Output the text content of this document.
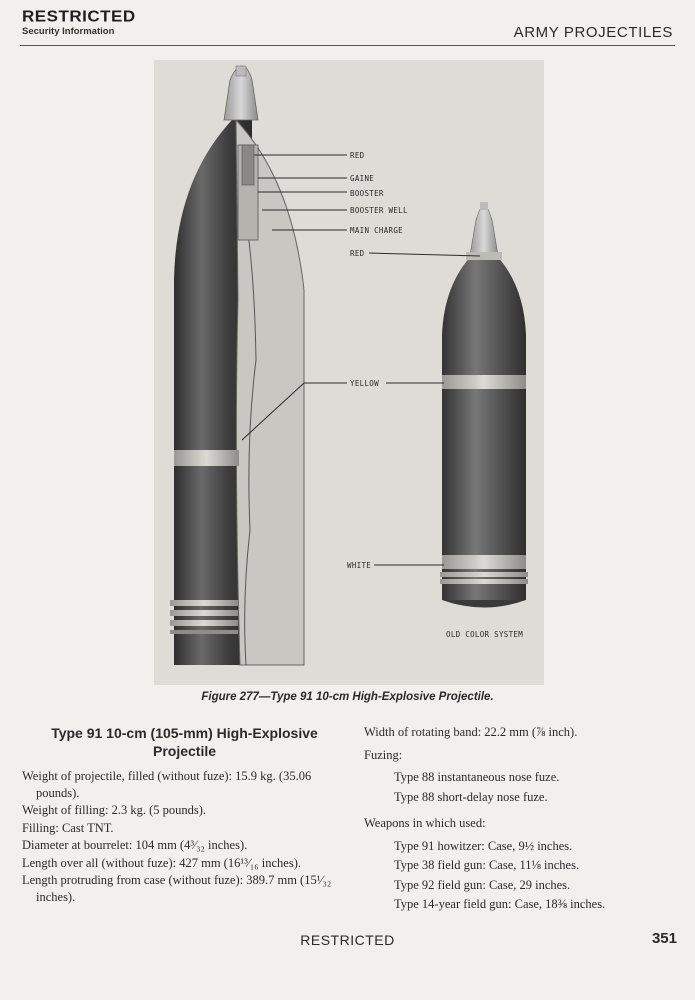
RESTRICTED
Security Information	ARMY PROJECTILES
RED
GAINE
BOOSTER
BOOSTER WELL
MAIN CHARGE
RED
YELLOW
WHITE
OLD COLOR SYSTEM
Figure 277—Type 91 10-cm High-Explosive Projectile.
Type 91 10-cm (105-mm) High-Explosive Projectile
Weight of projectile, filled (without fuze): 15.9 kg. (35.06 pounds).
Weight of filling: 2.3 kg. (5 pounds).
Filling: Cast TNT.
Diameter at bourrelet: 104 mm (4³⁄₃₂ inches).
Length over all (without fuze): 427 mm (16¹³⁄₁₆ inches).
Length protruding from case (without fuze): 389.7 mm (15¹⁄₃₂ inches).
Width of rotating band: 22.2 mm (⅞ inch).
Fuzing:
Type 88 instantaneous nose fuze.
Type 88 short-delay nose fuze.
Weapons in which used:
Type 91 howitzer: Case, 9½ inches.
Type 38 field gun: Case, 11⅛ inches.
Type 92 field gun: Case, 29 inches.
Type 14-year field gun: Case, 18⅜ inches.
RESTRICTED	351
